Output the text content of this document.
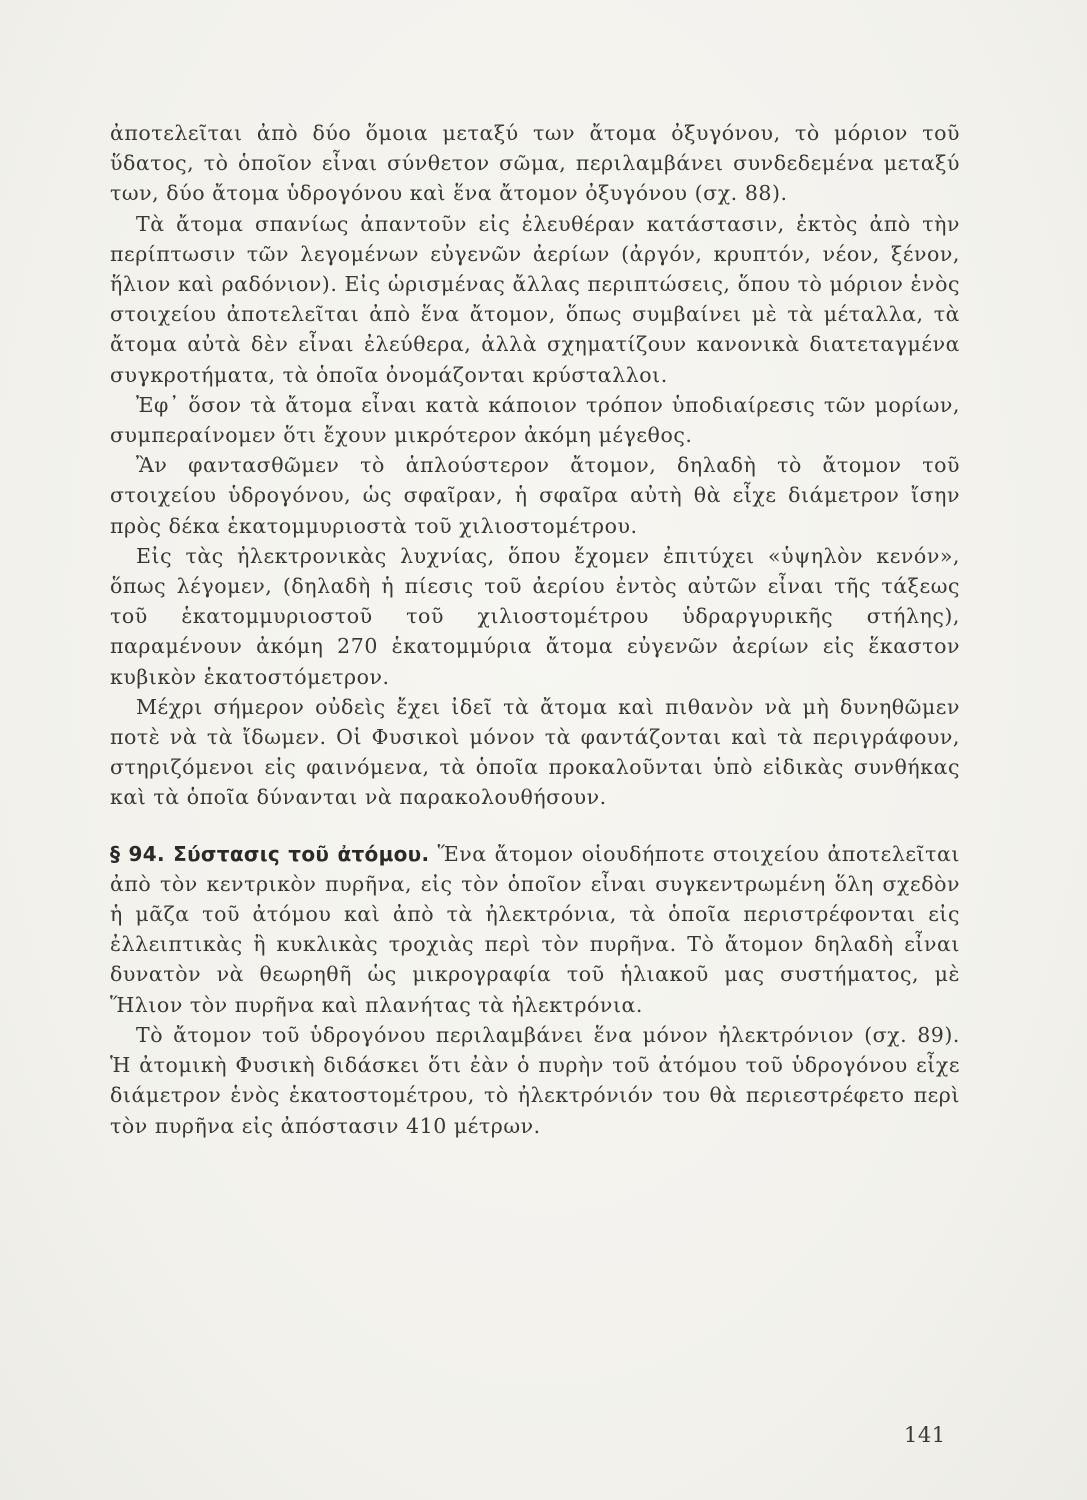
ἀποτελεῖται ἀπὸ δύο ὅμοια μεταξύ των ἄτομα ὀξυγόνου, τὸ μόριον τοῦ ὕδατος, τὸ ὁποῖον εἶναι σύνθετον σῶμα, περιλαμβάνει συνδεδεμένα μεταξύ των, δύο ἄτομα ὑδρογόνου καὶ ἕνα ἄτομον ὀξυγόνου (σχ. 88).

Τὰ ἄτομα σπανίως ἀπαντοῦν εἰς ἐλευθέραν κατάστασιν, ἐκτὸς ἀπὸ τὴν περίπτωσιν τῶν λεγομένων εὐγενῶν ἀερίων (ἀργόν, κρυπτόν, νέον, ξένον, ἥλιον καὶ ραδόνιον). Εἰς ὡρισμένας ἄλλας περιπτώσεις, ὅπου τὸ μόριον ἑνὸς στοιχείου ἀποτελεῖται ἀπὸ ἕνα ἄτομον, ὅπως συμβαίνει μὲ τὰ μέταλλα, τὰ ἄτομα αὐτὰ δὲν εἶναι ἐλεύθερα, ἀλλὰ σχηματίζουν κανονικὰ διατεταγμένα συγκροτήματα, τὰ ὁποῖα ὀνομάζονται κρύσταλλοι.

Ἐφ᾽ ὅσον τὰ ἄτομα εἶναι κατὰ κάποιον τρόπον ὑποδιαίρεσις τῶν μορίων, συμπεραίνομεν ὅτι ἔχουν μικρότερον ἀκόμη μέγεθος.

Ἂν φαντασθῶμεν τὸ ἁπλούστερον ἄτομον, δηλαδὴ τὸ ἄτομον τοῦ στοιχείου ὑδρογόνου, ὡς σφαῖραν, ἡ σφαῖρα αὐτὴ θὰ εἶχε διάμετρον ἴσην πρὸς δέκα ἑκατομμυριοστὰ τοῦ χιλιοστομέτρου.

Εἰς τὰς ἠλεκτρονικὰς λυχνίας, ὅπου ἔχομεν ἐπιτύχει «ὑψηλὸν κενόν», ὅπως λέγομεν, (δηλαδὴ ἡ πίεσις τοῦ ἀερίου ἐντὸς αὐτῶν εἶναι τῆς τάξεως τοῦ ἑκατομμυριοστοῦ τοῦ χιλιοστομέτρου ὑδραργυρικῆς στήλης), παραμένουν ἀκόμη 270 ἑκατομμύρια ἄτομα εὐγενῶν ἀερίων εἰς ἕκαστον κυβικὸν ἑκατοστόμετρον.

Μέχρι σήμερον οὐδεὶς ἔχει ἰδεῖ τὰ ἄτομα καὶ πιθανὸν νὰ μὴ δυνηθῶμεν ποτὲ νὰ τὰ ἴδωμεν. Οἱ Φυσικοὶ μόνον τὰ φαντάζονται καὶ τὰ περιγράφουν, στηριζόμενοι εἰς φαινόμενα, τὰ ὁποῖα προκαλοῦνται ὑπὸ εἰδικὰς συνθήκας καὶ τὰ ὁποῖα δύνανται νὰ παρακολουθήσουν.

§ 94. Σύστασις τοῦ ἀτόμου. Ἕνα ἄτομον οἱουδήποτε στοιχείου ἀποτελεῖται ἀπὸ τὸν κεντρικὸν πυρῆνα, εἰς τὸν ὁποῖον εἶναι συγκεντρωμένη ὅλη σχεδὸν ἡ μᾶζα τοῦ ἀτόμου καὶ ἀπὸ τὰ ἠλεκτρόνια, τὰ ὁποῖα περιστρέφονται εἰς ἐλλειπτικὰς ἢ κυκλικὰς τροχιὰς περὶ τὸν πυρῆνα. Τὸ ἄτομον δηλαδὴ εἶναι δυνατὸν νὰ θεωρηθῆ ὡς μικρογραφία τοῦ ἡλιακοῦ μας συστήματος, μὲ Ἥλιον τὸν πυρῆνα καὶ πλανήτας τὰ ἠλεκτρόνια.

Τὸ ἄτομον τοῦ ὑδρογόνου περιλαμβάνει ἕνα μόνον ἠλεκτρόνιον (σχ. 89). Ἡ ἀτομικὴ Φυσικὴ διδάσκει ὅτι ἐὰν ὁ πυρὴν τοῦ ἀτόμου τοῦ ὑδρογόνου εἶχε διάμετρον ἑνὸς ἑκατοστομέτρου, τὸ ἠλεκτρόνιόν του θὰ περιεστρέφετο περὶ τὸν πυρῆνα εἰς ἀπόστασιν 410 μέτρων.

141
